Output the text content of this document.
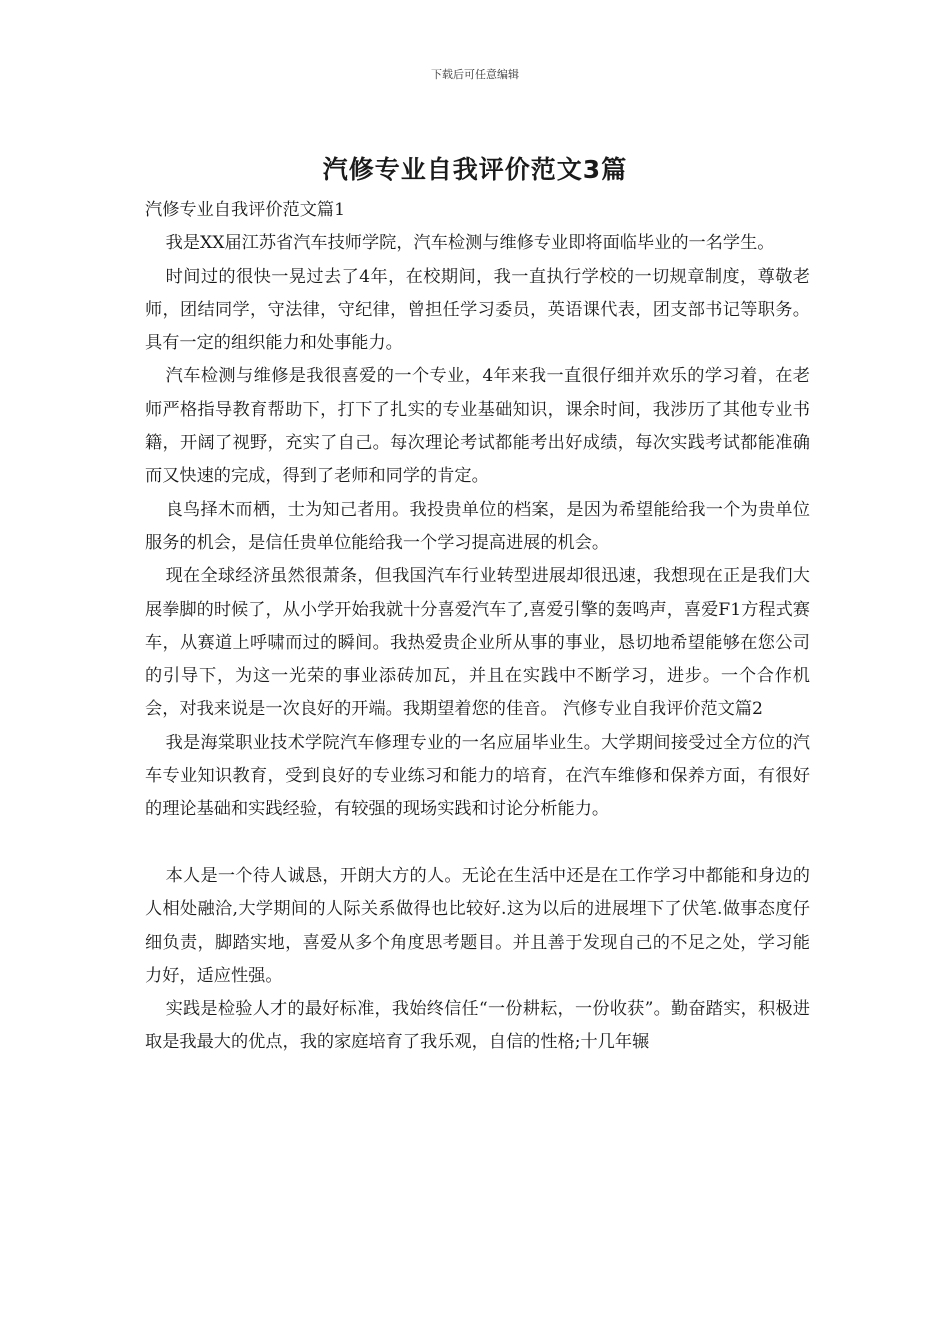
下载后可任意编辑
汽修专业自我评价范文3篇

汽修专业自我评价范文篇1

我是XX届江苏省汽车技师学院，汽车检测与维修专业即将面临毕业的一名学生。

时间过的很快一晃过去了4年，在校期间，我一直执行学校的一切规章制度，尊敬老师，团结同学，守法律，守纪律，曾担任学习委员，英语课代表，团支部书记等职务。具有一定的组织能力和处事能力。

汽车检测与维修是我很喜爱的一个专业，4年来我一直很仔细并欢乐的学习着，在老师严格指导教育帮助下，打下了扎实的专业基础知识，课余时间，我涉历了其他专业书籍，开阔了视野，充实了自己。每次理论考试都能考出好成绩，每次实践考试都能准确而又快速的完成，得到了老师和同学的肯定。

良鸟择木而栖，士为知己者用。我投贵单位的档案，是因为希望能给我一个为贵单位服务的机会，是信任贵单位能给我一个学习提高进展的机会。

现在全球经济虽然很萧条，但我国汽车行业转型进展却很迅速，我想现在正是我们大展拳脚的时候了，从小学开始我就十分喜爱汽车了,喜爱引擎的轰鸣声，喜爱F1方程式赛车，从赛道上呼啸而过的瞬间。我热爱贵企业所从事的事业，恳切地希望能够在您公司的引导下，为这一光荣的事业添砖加瓦，并且在实践中不断学习，进步。一个合作机会，对我来说是一次良好的开端。我期望着您的佳音。 汽修专业自我评价范文篇2

我是海棠职业技术学院汽车修理专业的一名应届毕业生。大学期间接受过全方位的汽车专业知识教育，受到良好的专业练习和能力的培育，在汽车维修和保养方面，有很好的理论基础和实践经验，有较强的现场实践和讨论分析能力。

本人是一个待人诚恳，开朗大方的人。无论在生活中还是在工作学习中都能和身边的人相处融洽,大学期间的人际关系做得也比较好.这为以后的进展埋下了伏笔.做事态度仔细负责，脚踏实地，喜爱从多个角度思考题目。并且善于发现自己的不足之处，学习能力好，适应性强。

实践是检验人才的最好标准，我始终信任“一份耕耘，一份收获”。勤奋踏实，积极进取是我最大的优点，我的家庭培育了我乐观，自信的性格;十几年辗
